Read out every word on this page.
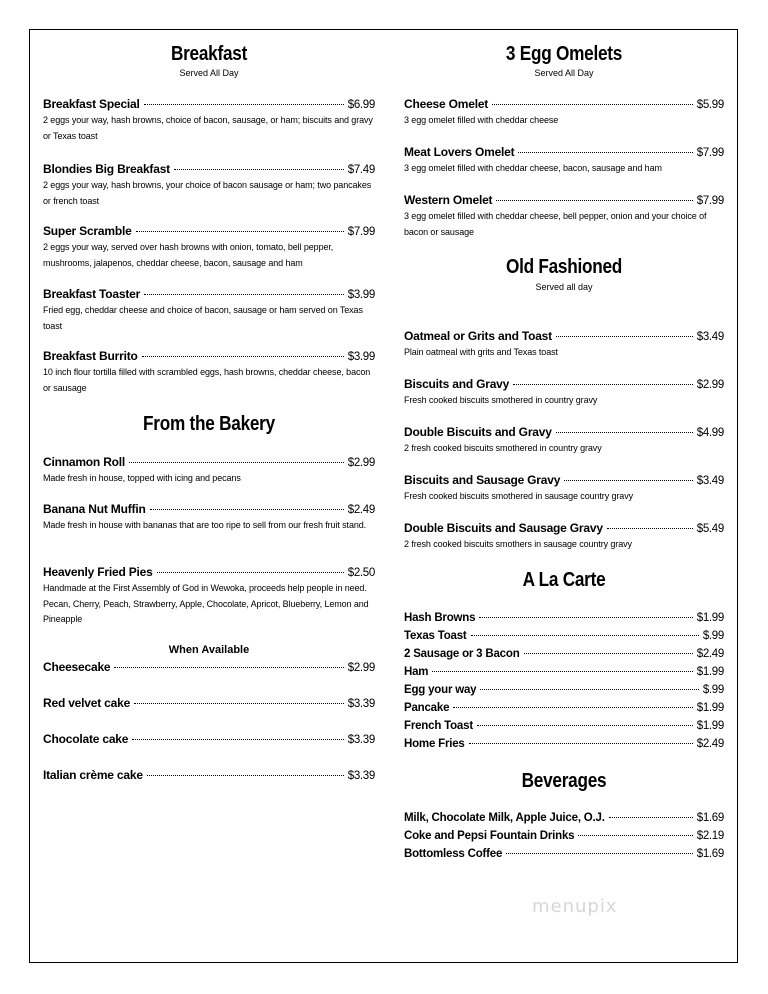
Breakfast
Served All Day
Breakfast Special	$6.99
2 eggs your way, hash browns, choice of bacon, sausage, or ham; biscuits and gravy or Texas toast
Blondies Big Breakfast	$7.49
2 eggs your way, hash browns, your choice of bacon sausage or ham; two pancakes or french toast
Super Scramble	$7.99
2 eggs your way, served over hash browns with onion, tomato, bell pepper, mushrooms, jalapenos, cheddar cheese, bacon, sausage and ham
Breakfast Toaster	$3.99
Fried egg, cheddar cheese and choice of bacon, sausage or ham served on Texas toast
Breakfast Burrito	$3.99
10 inch flour tortilla filled with scrambled eggs, hash browns, cheddar cheese, bacon or sausage
From the Bakery
Cinnamon Roll	$2.99
Made fresh in house, topped with icing and pecans
Banana Nut Muffin	$2.49
Made fresh in house with bananas that are too ripe to sell from our fresh fruit stand.
Heavenly Fried Pies	$2.50
Handmade at the First Assembly of God in Wewoka, proceeds help people in need. Pecan, Cherry, Peach, Strawberry, Apple, Chocolate, Apricot, Blueberry, Lemon and Pineapple
When Available
Cheesecake	$2.99
Red velvet cake	$3.39
Chocolate cake	$3.39
Italian crème cake	$3.39
3 Egg Omelets
Served All Day
Cheese Omelet	$5.99
3 egg omelet filled with cheddar cheese
Meat Lovers Omelet	$7.99
3 egg omelet filled with cheddar cheese, bacon, sausage and ham
Western Omelet	$7.99
3 egg omelet filled with cheddar cheese, bell pepper, onion and your choice of bacon or sausage
Old Fashioned
Served all day
Oatmeal or Grits and Toast	$3.49
Plain oatmeal with grits and Texas toast
Biscuits and Gravy	$2.99
Fresh cooked biscuits smothered in country gravy
Double Biscuits and Gravy	$4.99
2 fresh cooked biscuits smothered in country gravy
Biscuits and Sausage Gravy	$3.49
Fresh cooked biscuits smothered in sausage country gravy
Double Biscuits and Sausage Gravy	$5.49
2 fresh cooked biscuits smothers in sausage country gravy
A La Carte
Hash Browns	$1.99
Texas Toast	$.99
2 Sausage or 3 Bacon	$2.49
Ham	$1.99
Egg your way	$.99
Pancake	$1.99
French Toast	$1.99
Home Fries	$2.49
Beverages
Milk, Chocolate Milk, Apple Juice, O.J.	$1.69
Coke and Pepsi Fountain Drinks	$2.19
Bottomless Coffee	$1.69
menupix
